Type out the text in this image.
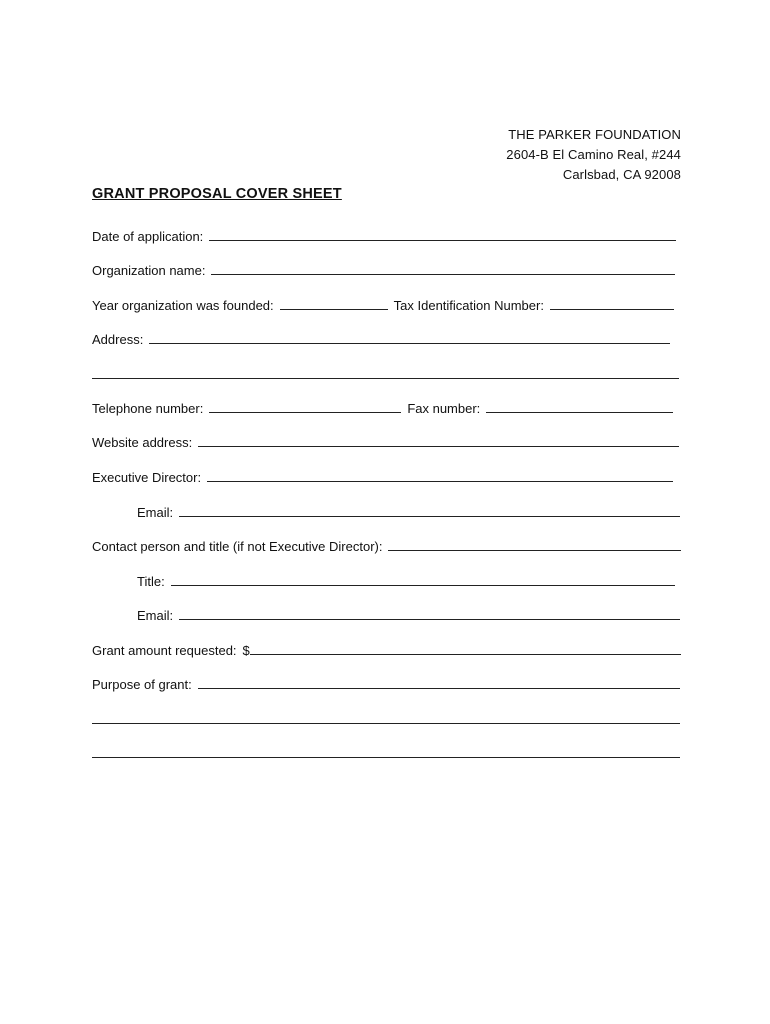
THE PARKER FOUNDATION
2604-B El Camino Real, #244
Carlsbad, CA 92008
GRANT PROPOSAL COVER SHEET
Date of application:
Organization name:
Year organization was founded:	Tax Identification Number:
Address:
Telephone number:	Fax number:
Website address:
Executive Director:
Email:
Contact person and title (if not Executive Director):
Title:
Email:
Grant amount requested: $
Purpose of grant:
